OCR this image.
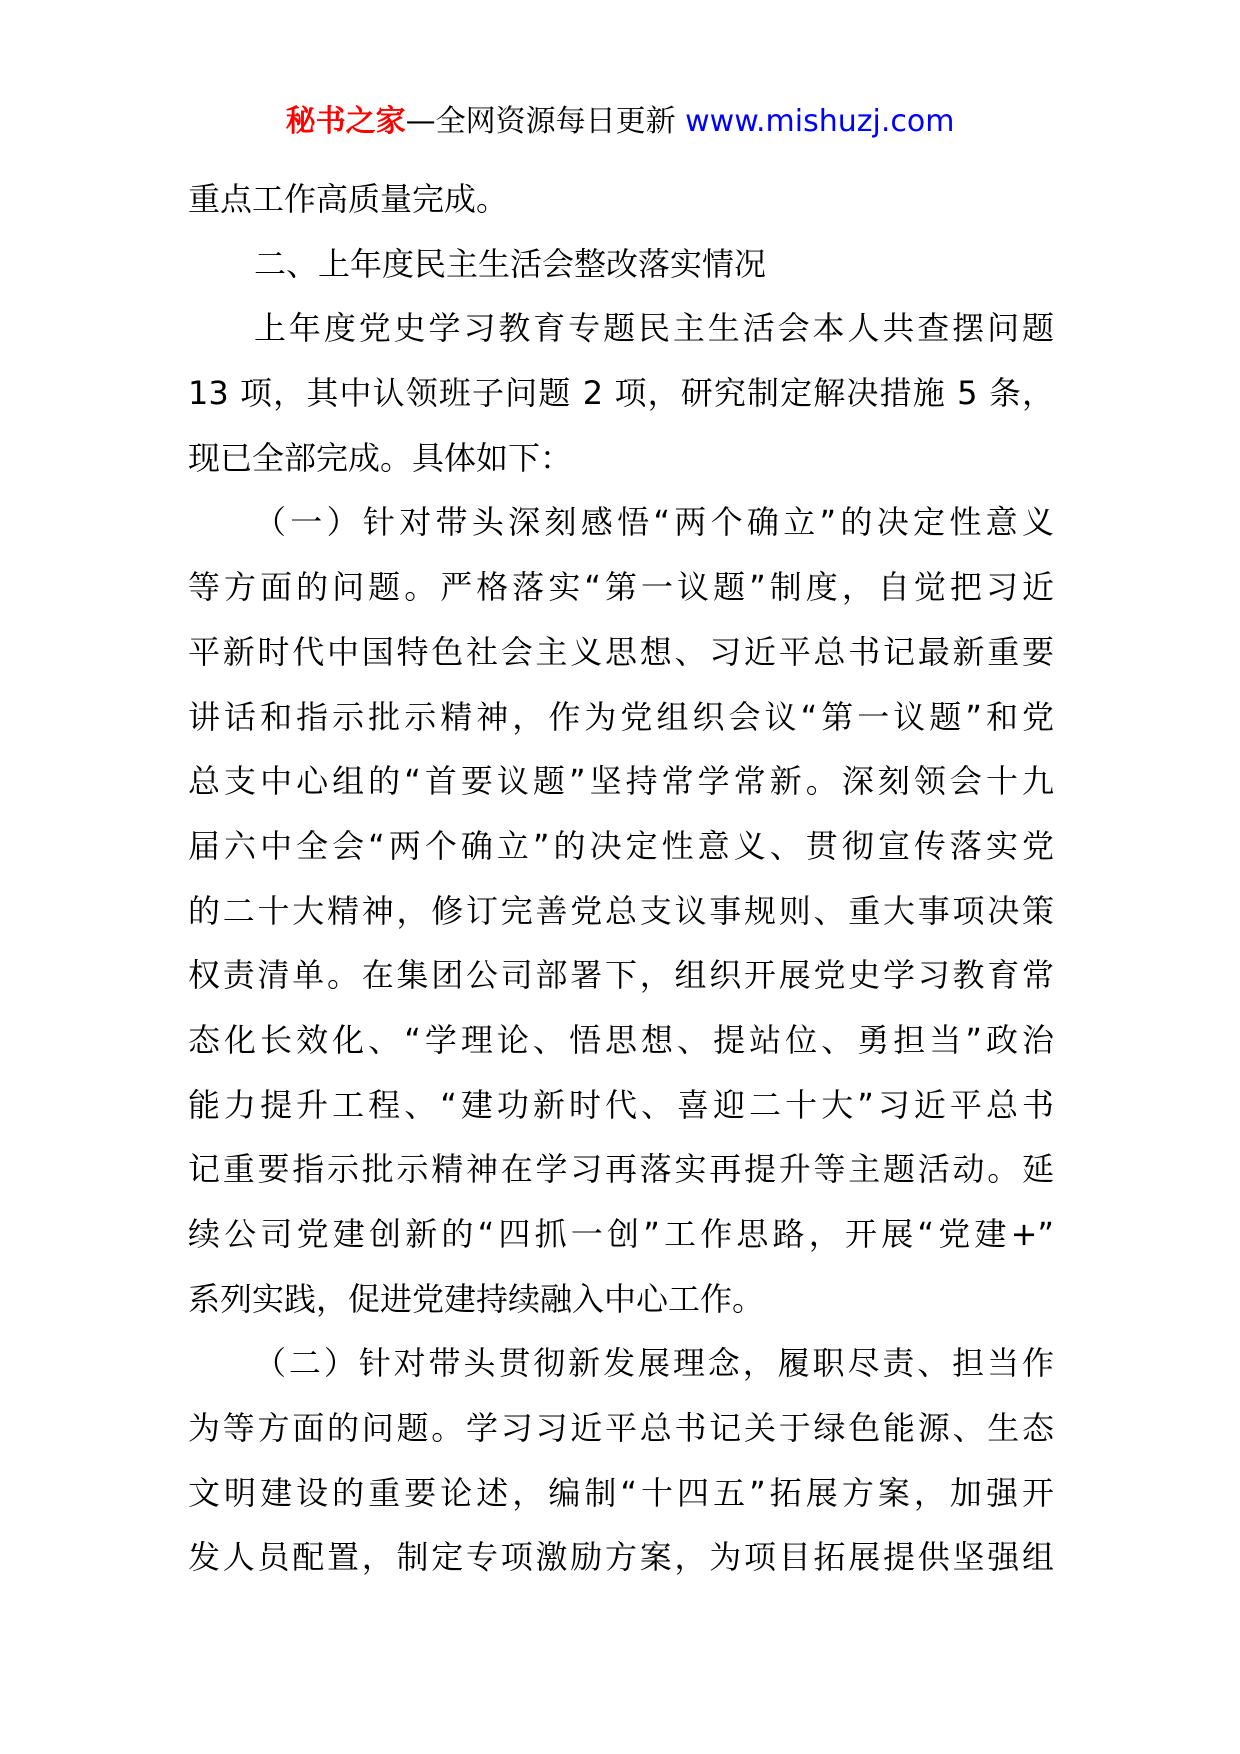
秘书之家—全网资源每日更新 www.mishuzj.com
重点工作高质量完成。
二、上年度民主生活会整改落实情况
上年度党史学习教育专题民主生活会本人共查摆问题
13 项，其中认领班子问题 2 项，研究制定解决措施 5 条，
现已全部完成。具体如下：
（一）针对带头深刻感悟“两个确立”的决定性意义
等方面的问题。严格落实“第一议题”制度，自觉把习近
平新时代中国特色社会主义思想、习近平总书记最新重要
讲话和指示批示精神，作为党组织会议“第一议题”和党
总支中心组的“首要议题”坚持常学常新。深刻领会十九
届六中全会“两个确立”的决定性意义、贯彻宣传落实党
的二十大精神，修订完善党总支议事规则、重大事项决策
权责清单。在集团公司部署下，组织开展党史学习教育常
态化长效化、“学理论、悟思想、提站位、勇担当”政治
能力提升工程、“建功新时代、喜迎二十大”习近平总书
记重要指示批示精神在学习再落实再提升等主题活动。延
续公司党建创新的“四抓一创”工作思路，开展“党建+”
系列实践，促进党建持续融入中心工作。
（二）针对带头贯彻新发展理念，履职尽责、担当作
为等方面的问题。学习习近平总书记关于绿色能源、生态
文明建设的重要论述，编制“十四五”拓展方案，加强开
发人员配置，制定专项激励方案，为项目拓展提供坚强组
